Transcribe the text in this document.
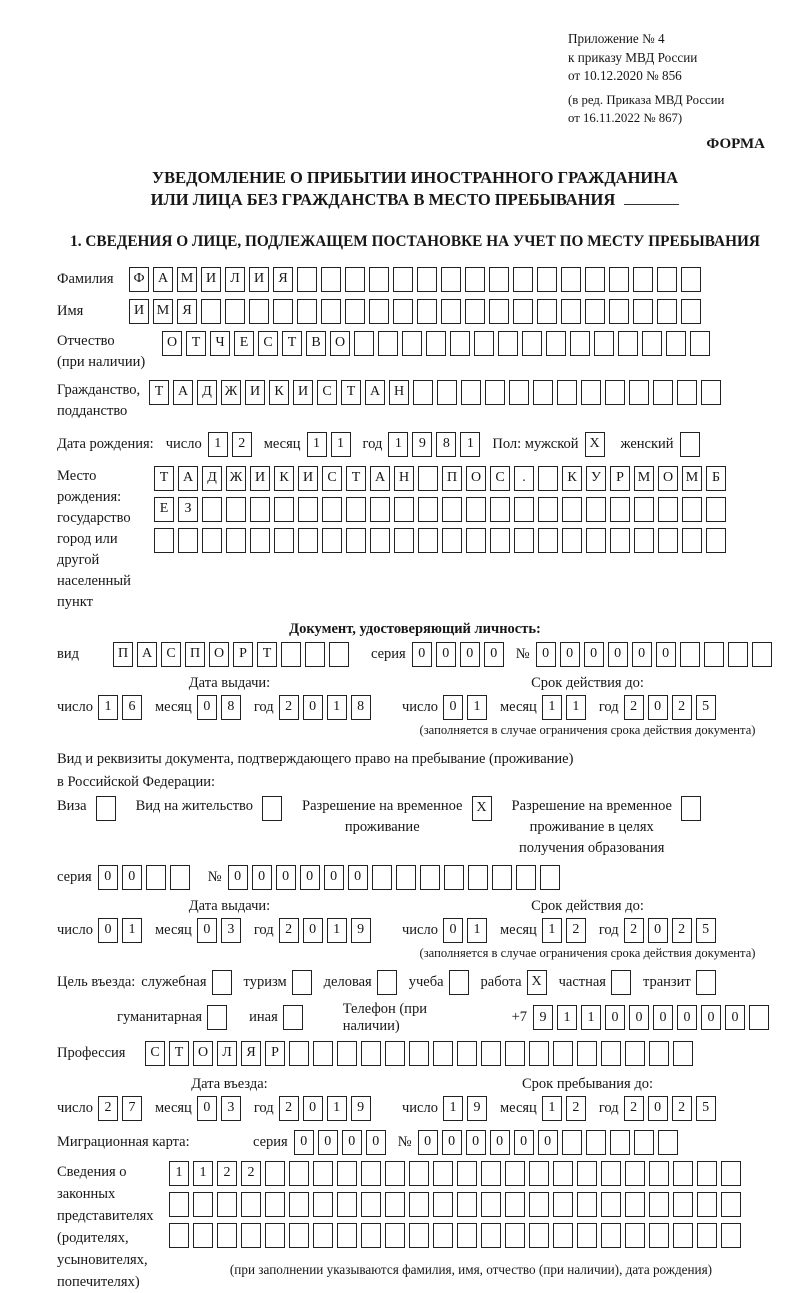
Приложение № 4
к приказу МВД России
от 10.12.2020 № 856
(в ред. Приказа МВД России
от 16.11.2022 № 867)
ФОРМА
УВЕДОМЛЕНИЕ О ПРИБЫТИИ ИНОСТРАННОГО ГРАЖДАНИНА
ИЛИ ЛИЦА БЕЗ ГРАЖДАНСТВА В МЕСТО ПРЕБЫВАНИЯ
1. СВЕДЕНИЯ О ЛИЦЕ, ПОДЛЕЖАЩЕМ ПОСТАНОВКЕ НА УЧЕТ ПО МЕСТУ ПРЕБЫВАНИЯ
Фамилия	Ф А М И	Л	И	Я
Имя	И М Я
Отчество
(при наличии)
О	Т	Ч	Е	С	Т	В	О
Гражданство,
подданство
Т	А	Д Ж И	К	И	С	Т	А Н
Дата рождения: число 1	2	месяц 1	1	год 1	9	8	1	Пол: мужской X	женский
Место рождения:
государство
город или другой
населенный пункт
Т	А	Д Ж И	К	И	С	Т	А Н	П О	С	.	К	У	Р М О М Б
Е	З
Документ, удостоверяющий личность:
вид	П А	С	П О	Р	Т	серия 0	0	0	0	№ 0	0	0	0	0	0
Дата выдачи:
число 1	6	месяц 0	8	год 2	0	1	8
Срок действия до:
число 0	1	месяц 1	1	год 2	0	2	5
(заполняется в случае ограничения срока действия документа)
Вид и реквизиты документа, подтверждающего право на пребывание (проживание)
в Российской Федерации:
Виза	Вид на жительство	Разрешение на временное
проживание
X	Разрешение на временное
проживание в целях
получения образования
серия 0	0	№ 0	0	0	0	0	0
Дата выдачи:
число 0	1	месяц 0	3	год 2	0	1	9
Срок действия до:
число 0	1	месяц 1	2	год 2	0	2	5
(заполняется в случае ограничения срока действия документа)
Цель въезда: служебная	туризм	деловая	учеба	работа X	частная	транзит
гуманитарная	иная
Телефон (при наличии)
+7 9	1	1	0	0	0	0	0	0
Профессия	С	Т	О	Л	Я	Р
Дата въезда:
число 2	7	месяц 0	3	год 2	0	1	9
Срок пребывания до:
число 1	9	месяц 1	2	год 2	0	2	5
Миграционная карта:	серия 0	0	0	0	№ 0	0	0	0	0	0
Сведения о
законных
представителях
(родителях,
усыновителях,
попечителях)
1	1	2	2
(при заполнении указываются фамилия, имя, отчество (при наличии), дата рождения)
